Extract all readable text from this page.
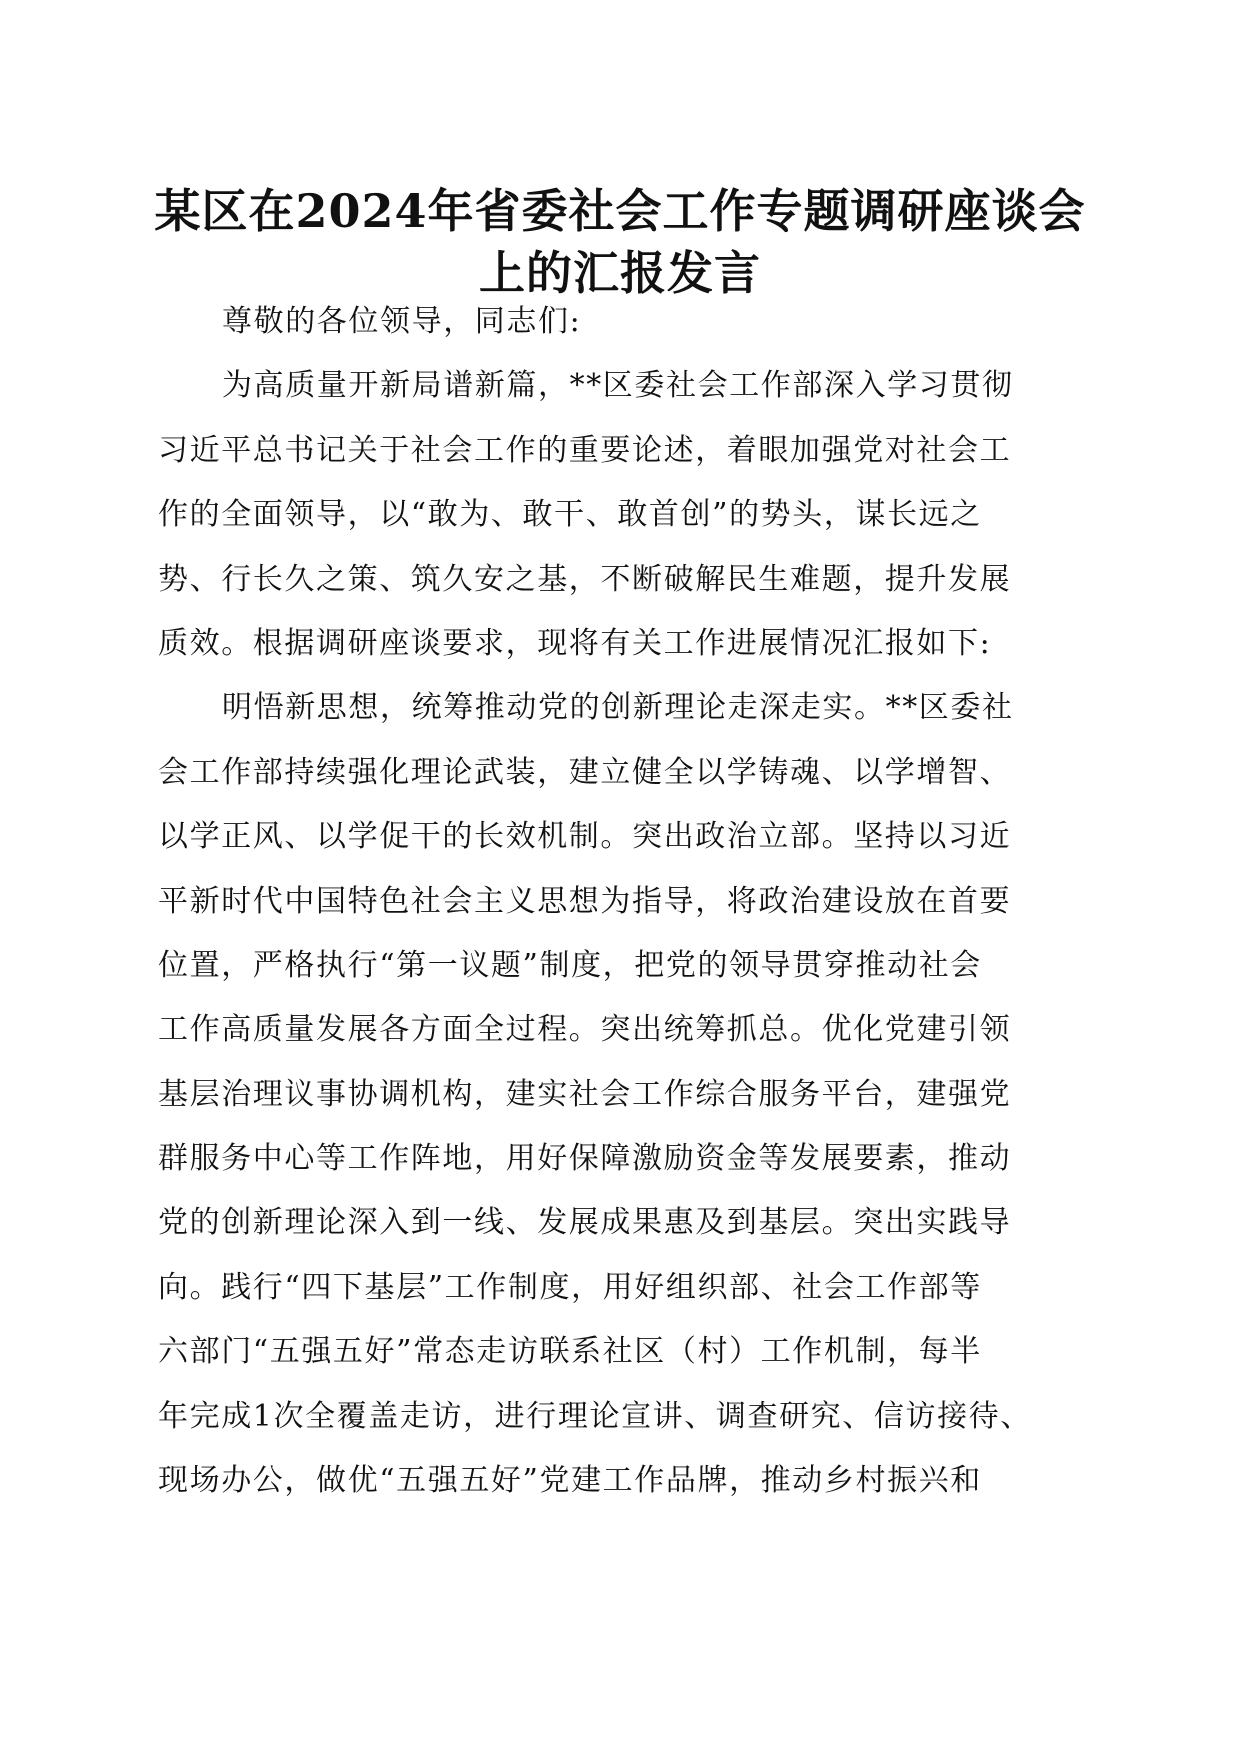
某区在2024年省委社会工作专题调研座谈会
上的汇报发言
尊敬的各位领导，同志们:
为高质量开新局谱新篇，**区委社会工作部深入学习贯彻
习近平总书记关于社会工作的重要论述，着眼加强党对社会工
作的全面领导，以“敢为、敢干、敢首创”的势头，谋长远之
势、行长久之策、筑久安之基，不断破解民生难题，提升发展
质效。根据调研座谈要求，现将有关工作进展情况汇报如下:
明悟新思想，统筹推动党的创新理论走深走实。**区委社
会工作部持续强化理论武装，建立健全以学铸魂、以学增智、
以学正风、以学促干的长效机制。突出政治立部。坚持以习近
平新时代中国特色社会主义思想为指导，将政治建设放在首要
位置，严格执行“第一议题”制度，把党的领导贯穿推动社会
工作高质量发展各方面全过程。突出统筹抓总。优化党建引领
基层治理议事协调机构，建实社会工作综合服务平台，建强党
群服务中心等工作阵地，用好保障激励资金等发展要素，推动
党的创新理论深入到一线、发展成果惠及到基层。突出实践导
向。践行“四下基层”工作制度，用好组织部、社会工作部等
六部门“五强五好”常态走访联系社区（村）工作机制，每半
年完成1次全覆盖走访，进行理论宣讲、调查研究、信访接待、
现场办公，做优“五强五好”党建工作品牌，推动乡村振兴和
